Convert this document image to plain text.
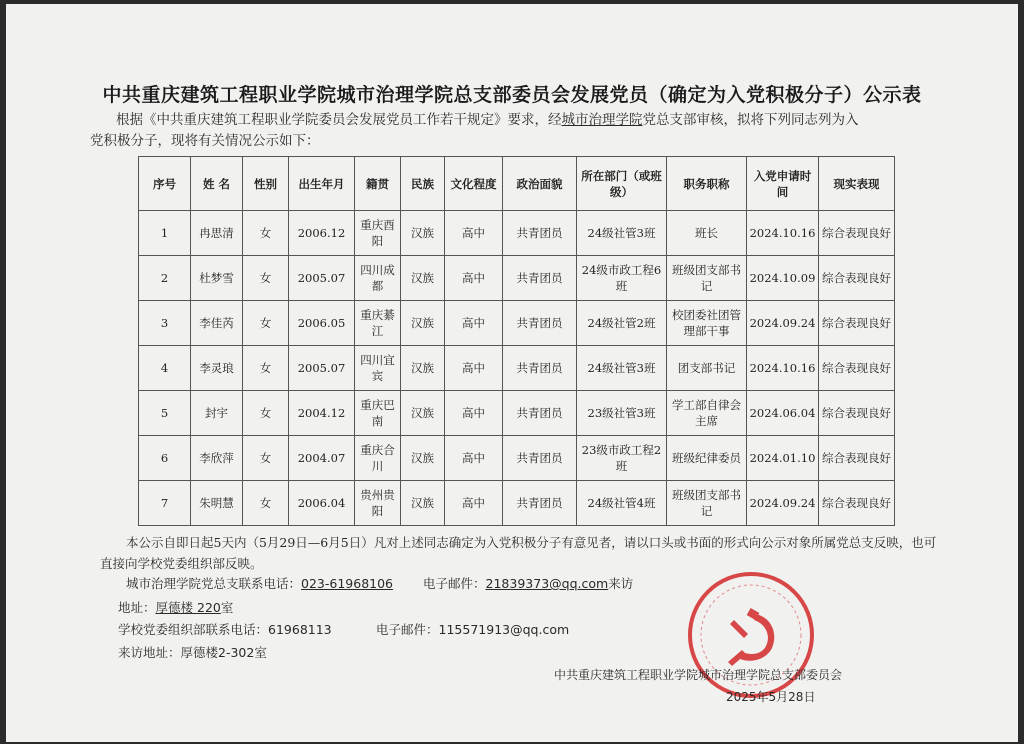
中共重庆建筑工程职业学院城市治理学院总支部委员会发展党员（确定为入党积极分子）公示表
根据《中共重庆建筑工程职业学院委员会发展党员工作若干规定》要求，经城市治理学院党总支部审核，拟将下列同志列为入
党积极分子，现将有关情况公示如下：
序号	姓 名	性别	出生年月	籍贯	民族	文化程度	政治面貌	所在部门（或班级）	职务职称	入党申请时间	现实表现
1	冉思清	女	2006.12	重庆酉阳	汉族	高中	共青团员	24级社管3班	班长	2024.10.16	综合表现良好
2	杜梦雪	女	2005.07	四川成都	汉族	高中	共青团员	24级市政工程6班	班级团支部书记	2024.10.09	综合表现良好
3	李佳芮	女	2006.05	重庆綦江	汉族	高中	共青团员	24级社管2班	校团委社团管理部干事	2024.09.24	综合表现良好
4	李灵琅	女	2005.07	四川宜宾	汉族	高中	共青团员	24级社管3班	团支部书记	2024.10.16	综合表现良好
5	封宇	女	2004.12	重庆巴南	汉族	高中	共青团员	23级社管3班	学工部自律会主席	2024.06.04	综合表现良好
6	李欣萍	女	2004.07	重庆合川	汉族	高中	共青团员	23级市政工程2班	班级纪律委员	2024.01.10	综合表现良好
7	朱明慧	女	2006.04	贵州贵阳	汉族	高中	共青团员	24级社管4班	班级团支部书记	2024.09.24	综合表现良好
本公示自即日起5天内（5月29日—6月5日）凡对上述同志确定为入党积极分子有意见者，请以口头或书面的形式向公示对象所属党总支反映，也可
直接向学校党委组织部反映。
城市治理学院党总支联系电话：023-61968106 电子邮件：21839373@qq.com来访
地址：厚德楼 220室
学校党委组织部联系电话：61968113	电子邮件：115571913@qq.com
来访地址：厚德楼2-302室
中共重庆建筑工程职业学院城市治理学院总支部委员会
2025年5月28日
